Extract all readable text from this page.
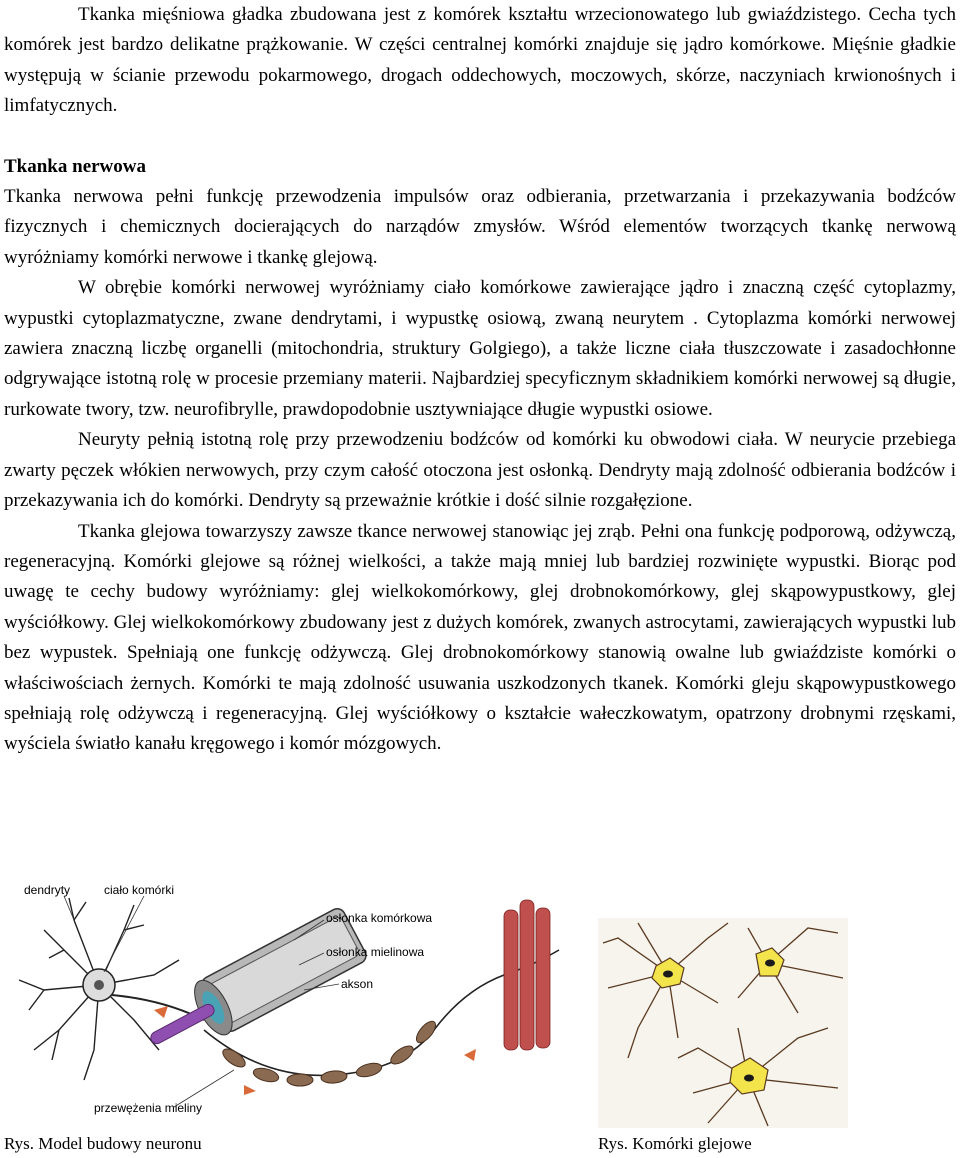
Tkanka mięśniowa gładka zbudowana jest z komórek kształtu wrzecionowatego lub gwiaździstego. Cecha tych komórek jest bardzo delikatne prążkowanie. W części centralnej komórki znajduje się jądro komórkowe. Mięśnie gładkie występują w ścianie przewodu pokarmowego, drogach oddechowych, moczowych, skórze, naczyniach krwionośnych i limfatycznych.

Tkanka nerwowa

Tkanka nerwowa pełni funkcję przewodzenia impulsów oraz odbierania, przetwarzania i przekazywania bodźców fizycznych i chemicznych docierających do narządów zmysłów. Wśród elementów tworzących tkankę nerwową wyróżniamy komórki nerwowe i tkankę glejową.

W obrębie komórki nerwowej wyróżniamy ciało komórkowe zawierające jądro i znaczną część cytoplazmy, wypustki cytoplazmatyczne, zwane dendrytami, i wypustkę osiową, zwaną neurytem . Cytoplazma komórki nerwowej zawiera znaczną liczbę organelli (mitochondria, struktury Golgiego), a także liczne ciała tłuszczowate i zasadochłonne odgrywające istotną rolę w procesie przemiany materii. Najbardziej specyficznym składnikiem komórki nerwowej są długie, rurkowate twory, tzw. neurofibrylle, prawdopodobnie usztywniające długie wypustki osiowe.

Neuryty pełnią istotną rolę przy przewodzeniu bodźców od komórki ku obwodowi ciała. W neurycie przebiega zwarty pęczek włókien nerwowych, przy czym całość otoczona jest osłonką. Dendryty mają zdolność odbierania bodźców i przekazywania ich do komórki. Dendryty są przeważnie krótkie i dość silnie rozgałęzione.

Tkanka glejowa towarzyszy zawsze tkance nerwowej stanowiąc jej zrąb. Pełni ona funkcję podporową, odżywczą, regeneracyjną. Komórki glejowe są różnej wielkości, a także mają mniej lub bardziej rozwinięte wypustki. Biorąc pod uwagę te cechy budowy wyróżniamy: glej wielkokomórkowy, glej drobnokomórkowy, glej skąpowypustkowy, glej wyściółkowy. Glej wielkokomórkowy zbudowany jest z dużych komórek, zwanych astrocytami, zawierających wypustki lub bez wypustek. Spełniają one funkcję odżywczą. Glej drobnokomórkowy stanowią owalne lub gwiaździste komórki o właściwościach żernych. Komórki te mają zdolność usuwania uszkodzonych tkanek. Komórki gleju skąpowypustkowego spełniają rolę odżywczą i regeneracyjną. Glej wyściółkowy o kształcie wałeczkowatym, opatrzony drobnymi rzęskami, wyściela światło kanału kręgowego i komór mózgowych.

dendryty	ciało komórki
osłonka komórkowa
osłonka mielinowa
akson
przewężenia mieliny
Rys. Model budowy neuronu	Rys. Komórki glejowe
